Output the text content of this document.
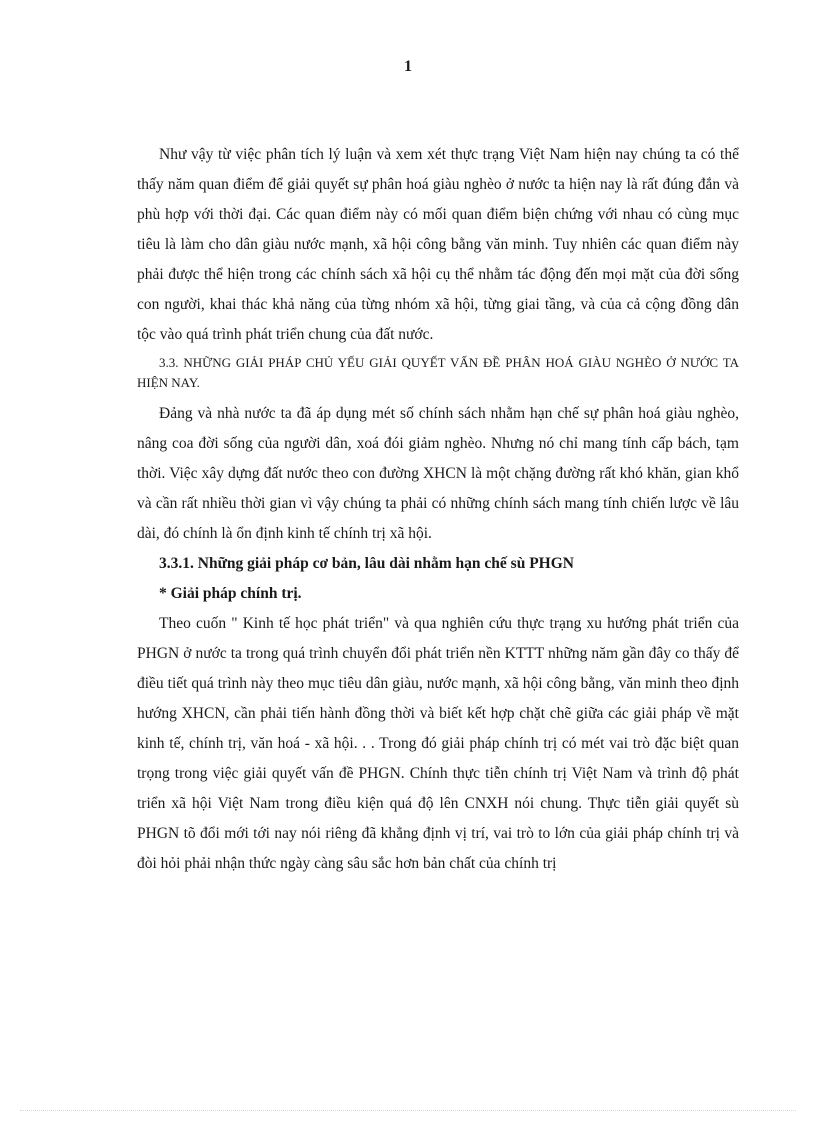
1

Như vậy từ việc phân tích lý luận và xem xét thực trạng Việt Nam hiện nay chúng ta có thể thấy năm quan điểm để giải quyết sự phân hoá giàu nghèo ở nước ta hiện nay là rất đúng đắn và phù hợp với thời đại. Các quan điểm này có mối quan điểm biện chứng với nhau có cùng mục tiêu là làm cho dân giàu nước mạnh, xã hội công bằng văn minh. Tuy nhiên các quan điểm này phải được thể hiện trong các chính sách xã hội cụ thể nhằm tác động đến mọi mặt của đời sống con người, khai thác khả năng của từng nhóm xã hội, từng giai tầng, và của cả cộng đồng dân tộc vào quá trình phát triển chung của đất nước.

3.3. NHỮNG GIẢI PHÁP CHỦ YẾU GIẢI QUYẾT VẤN ĐỀ PHÂN HOÁ GIÀU NGHÈO Ở NƯỚC TA HIỆN NAY.

Đảng và nhà nước ta đã áp dụng mét số chính sách nhằm hạn chế sự phân hoá giàu nghèo, nâng coa đời sống của người dân, xoá đói giảm nghèo. Nhưng nó chỉ mang tính cấp bách, tạm thời. Việc xây dựng đất nước theo con đường XHCN là một chặng đường rất khó khăn, gian khổ và cần rất nhiều thời gian vì vậy chúng ta phải có những chính sách mang tính chiến lược về lâu dài, đó chính là ổn định kinh tế chính trị xã hội.

3.3.1. Những giải pháp cơ bản, lâu dài nhằm hạn chế sù PHGN

* Giải pháp chính trị.

Theo cuốn " Kinh tế học phát triển" và qua nghiên cứu thực trạng xu hướng phát triển của PHGN ở nước ta trong quá trình chuyển đổi phát triển nền KTTT những năm gần đây co thấy để điều tiết quá trình này theo mục tiêu dân giàu, nước mạnh, xã hội công bằng, văn minh theo định hướng XHCN, cần phải tiến hành đồng thời và biết kết hợp chặt chẽ giữa các giải pháp về mặt kinh tế, chính trị, văn hoá - xã hội. . . Trong đó giải pháp chính trị có mét vai trò đặc biệt quan trọng trong việc giải quyết vấn đề PHGN. Chính thực tiễn chính trị Việt Nam và trình độ phát triển xã hội Việt Nam trong điều kiện quá độ lên CNXH nói chung. Thực tiễn giải quyết sù PHGN tõ đổi mới tới nay nói riêng đã khẳng định vị trí, vai trò to lớn của giải pháp chính trị và đòi hỏi phải nhận thức ngày càng sâu sắc hơn bản chất của chính trị
